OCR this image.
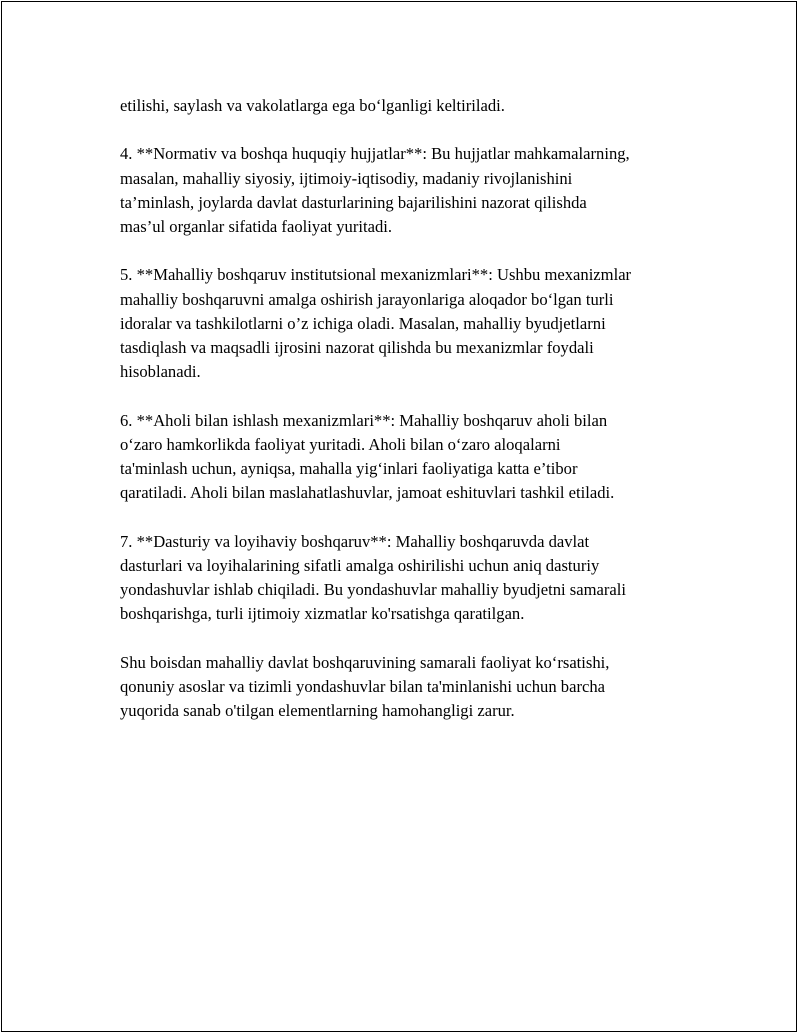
etilishi, saylash va vakolatlarga ega bo‘lganligi keltiriladi.

4. **Normativ va boshqa huquqiy hujjatlar**: Bu hujjatlar mahkamalarning,
masalan, mahalliy siyosiy, ijtimoiy-iqtisodiy, madaniy rivojlanishini
ta’minlash, joylarda davlat dasturlarining bajarilishini nazorat qilishda
mas’ul organlar sifatida faoliyat yuritadi.

5. **Mahalliy boshqaruv institutsional mexanizmlari**: Ushbu mexanizmlar
mahalliy boshqaruvni amalga oshirish jarayonlariga aloqador bo‘lgan turli
idoralar va tashkilotlarni o’z ichiga oladi. Masalan, mahalliy byudjetlarni
tasdiqlash va maqsadli ijrosini nazorat qilishda bu mexanizmlar foydali
hisoblanadi.

6. **Aholi bilan ishlash mexanizmlari**: Mahalliy boshqaruv aholi bilan
o‘zaro hamkorlikda faoliyat yuritadi. Aholi bilan o‘zaro aloqalarni
ta'minlash uchun, ayniqsa, mahalla yig‘inlari faoliyatiga katta e’tibor
qaratiladi. Aholi bilan maslahatlashuvlar, jamoat eshituvlari tashkil etiladi.

7. **Dasturiy va loyihaviy boshqaruv**: Mahalliy boshqaruvda davlat
dasturlari va loyihalarining sifatli amalga oshirilishi uchun aniq dasturiy
yondashuvlar ishlab chiqiladi. Bu yondashuvlar mahalliy byudjetni samarali
boshqarishga, turli ijtimoiy xizmatlar ko'rsatishga qaratilgan.

Shu boisdan mahalliy davlat boshqaruvining samarali faoliyat ko‘rsatishi,
qonuniy asoslar va tizimli yondashuvlar bilan ta'minlanishi uchun barcha
yuqorida sanab o'tilgan elementlarning hamohangligi zarur.
